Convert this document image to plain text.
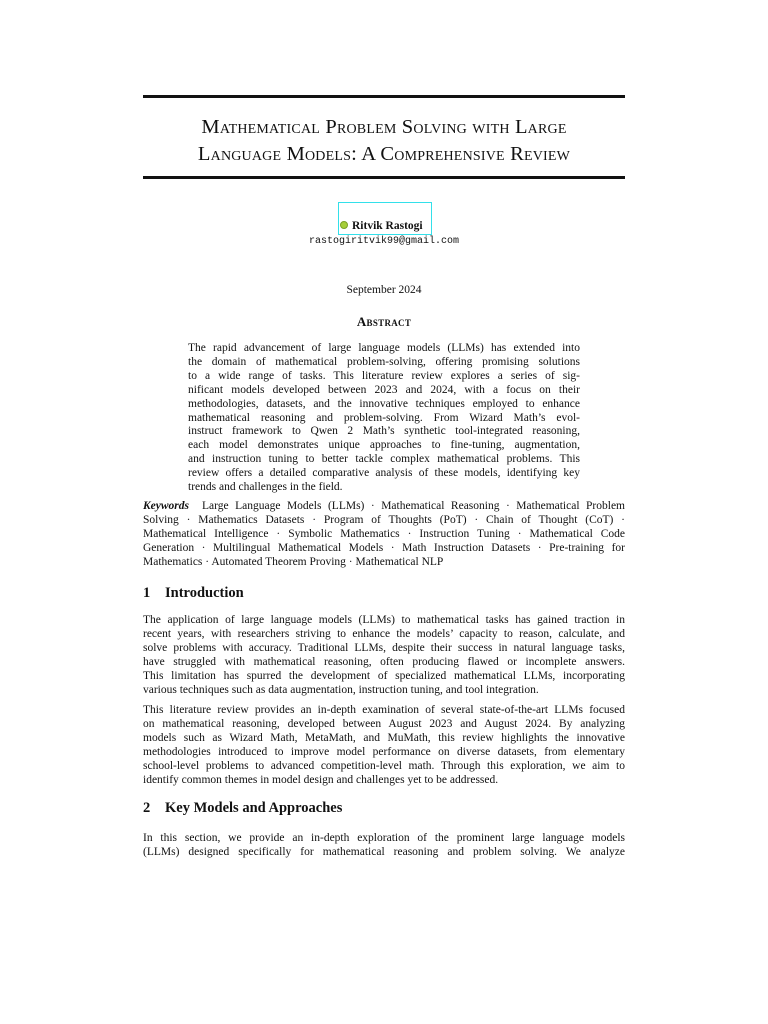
Mathematical Problem Solving with Large
Language Models: A Comprehensive Review
Ritvik Rastogi
rastogiritvik99@gmail.com
September 2024
Abstract
The rapid advancement of large language models (LLMs) has extended into
the domain of mathematical problem-solving, offering promising solutions
to a wide range of tasks. This literature review explores a series of sig-
nificant models developed between 2023 and 2024, with a focus on their
methodologies, datasets, and the innovative techniques employed to enhance
mathematical reasoning and problem-solving. From Wizard Math’s evol-
instruct framework to Qwen 2 Math’s synthetic tool-integrated reasoning,
each model demonstrates unique approaches to fine-tuning, augmentation,
and instruction tuning to better tackle complex mathematical problems. This
review offers a detailed comparative analysis of these models, identifying key
trends and challenges in the field.
Keywords Large Language Models (LLMs) · Mathematical Reasoning · Mathematical Problem
Solving · Mathematics Datasets · Program of Thoughts (PoT) · Chain of Thought (CoT) ·
Mathematical Intelligence · Symbolic Mathematics · Instruction Tuning · Mathematical Code
Generation · Multilingual Mathematical Models · Math Instruction Datasets · Pre-training for
Mathematics · Automated Theorem Proving · Mathematical NLP
1 Introduction
The application of large language models (LLMs) to mathematical tasks has gained traction in
recent years, with researchers striving to enhance the models’ capacity to reason, calculate, and
solve problems with accuracy. Traditional LLMs, despite their success in natural language tasks,
have struggled with mathematical reasoning, often producing flawed or incomplete answers.
This limitation has spurred the development of specialized mathematical LLMs, incorporating
various techniques such as data augmentation, instruction tuning, and tool integration.
This literature review provides an in-depth examination of several state-of-the-art LLMs focused
on mathematical reasoning, developed between August 2023 and August 2024. By analyzing
models such as Wizard Math, MetaMath, and MuMath, this review highlights the innovative
methodologies introduced to improve model performance on diverse datasets, from elementary
school-level problems to advanced competition-level math. Through this exploration, we aim to
identify common themes in model design and challenges yet to be addressed.
2 Key Models and Approaches
In this section, we provide an in-depth exploration of the prominent large language models
(LLMs) designed specifically for mathematical reasoning and problem solving. We analyze
